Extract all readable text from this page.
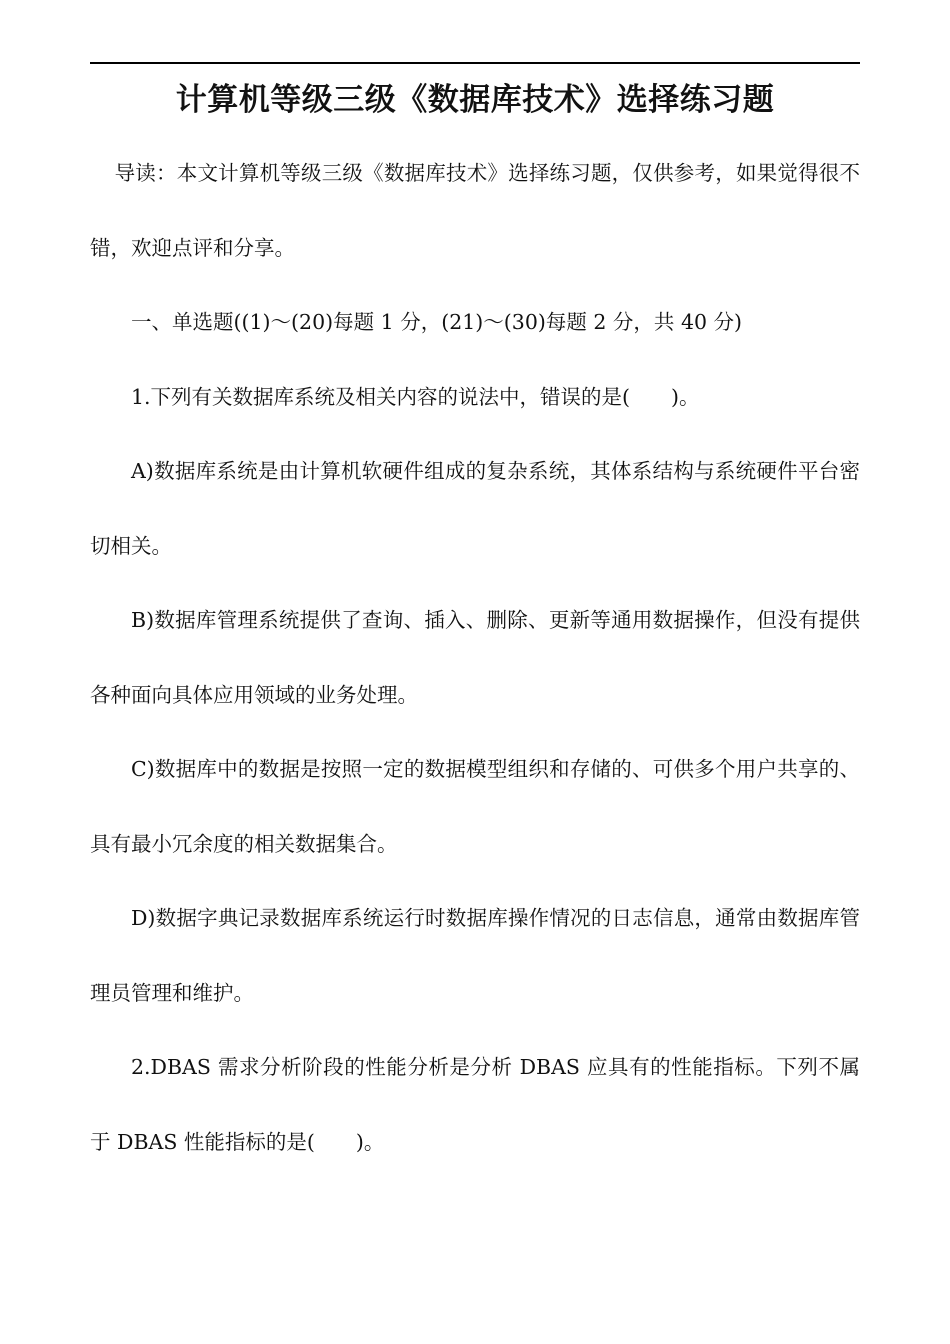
计算机等级三级《数据库技术》选择练习题

导读：本文计算机等级三级《数据库技术》选择练习题，仅供参考，如果觉得很不错，欢迎点评和分享。

一、单选题((1)～(20)每题 1 分，(21)～(30)每题 2 分，共 40 分)

1.下列有关数据库系统及相关内容的说法中，错误的是(　　)。

A)数据库系统是由计算机软硬件组成的复杂系统，其体系结构与系统硬件平台密切相关。

B)数据库管理系统提供了查询、插入、删除、更新等通用数据操作，但没有提供各种面向具体应用领域的业务处理。

C)数据库中的数据是按照一定的数据模型组织和存储的、可供多个用户共享的、具有最小冗余度的相关数据集合。

D)数据字典记录数据库系统运行时数据库操作情况的日志信息，通常由数据库管理员管理和维护。

2.DBAS 需求分析阶段的性能分析是分析 DBAS 应具有的性能指标。下列不属于 DBAS 性能指标的是(　　)。
